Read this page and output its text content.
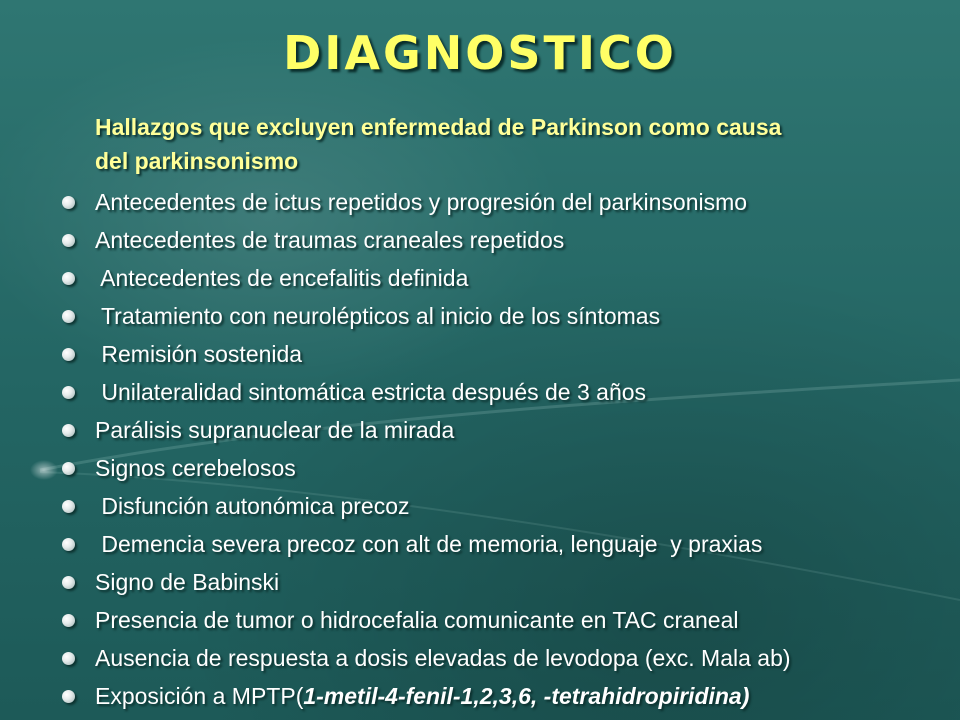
DIAGNOSTICO
Hallazgos que excluyen enfermedad de Parkinson como causa
del parkinsonismo
Antecedentes de ictus repetidos y progresión del parkinsonismo
Antecedentes de traumas craneales repetidos
Antecedentes de encefalitis definida
Tratamiento con neurolépticos al inicio de los síntomas
Remisión sostenida
Unilateralidad sintomática estricta después de 3 años
Parálisis supranuclear de la mirada
Signos cerebelosos
Disfunción autonómica precoz
Demencia severa precoz con alt de memoria, lenguaje  y praxias
Signo de Babinski
Presencia de tumor o hidrocefalia comunicante en TAC craneal
Ausencia de respuesta a dosis elevadas de levodopa (exc. Mala ab)
Exposición a MPTP(1-metil-4-fenil-1,2,3,6, -tetrahidropiridina)
